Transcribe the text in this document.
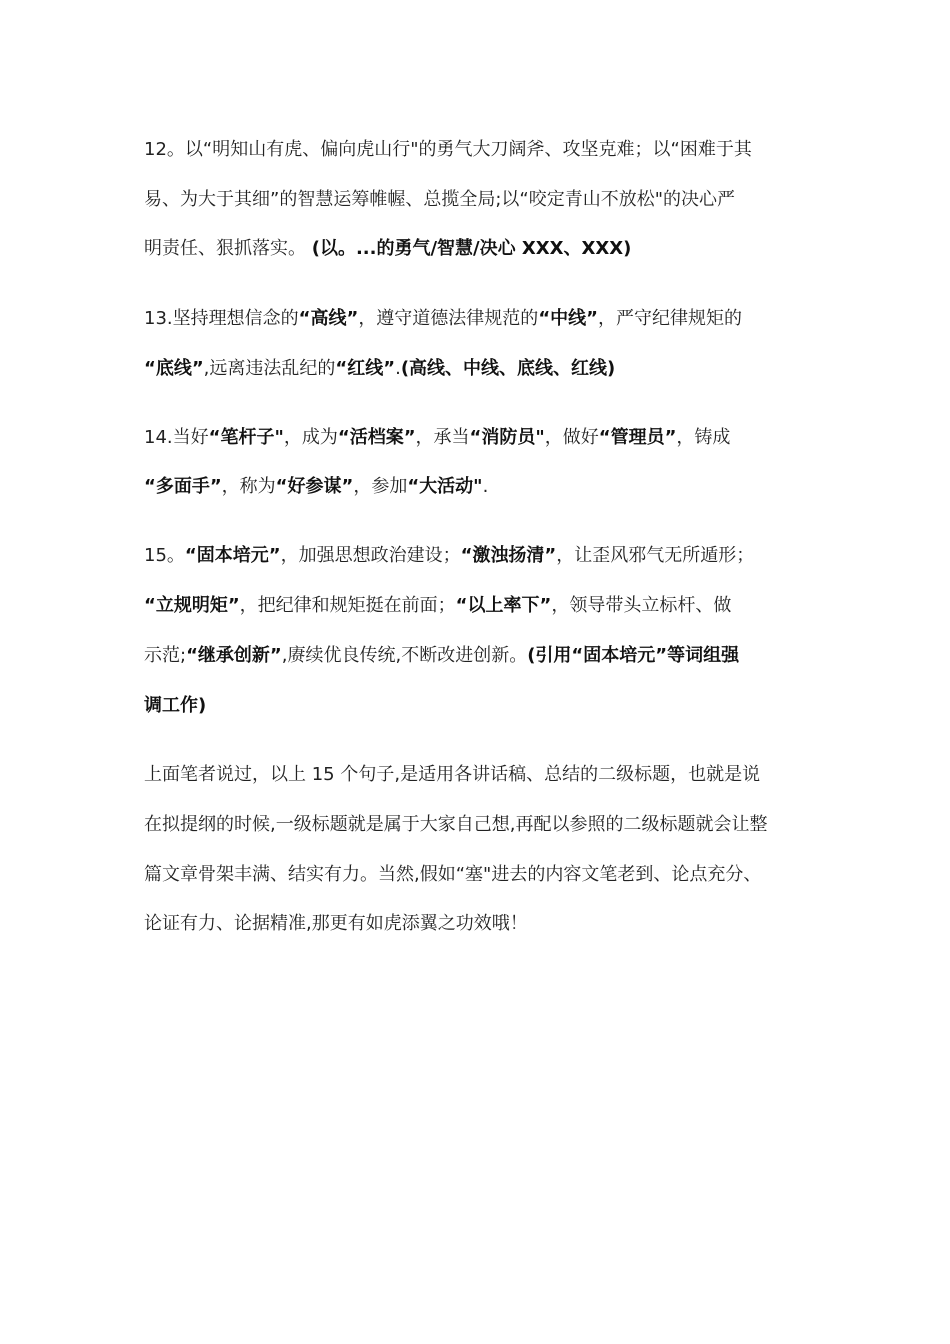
12。以“明知山有虎、偏向虎山行"的勇气大刀阔斧、攻坚克难；以“困难于其
易、为大于其细”的智慧运筹帷幄、总揽全局;以“咬定青山不放松"的决心严
明责任、狠抓落实。 (以。...的勇气/智慧/决心 XXX、XXX)
13.坚持理想信念的“高线”，遵守道德法律规范的“中线”，严守纪律规矩的
“底线”,远离违法乱纪的“红线”.(高线、中线、底线、红线)
14.当好“笔杆子"，成为“活档案”，承当“消防员"，做好“管理员”，铸成
“多面手”，称为“好参谋”，参加“大活动".
15。“固本培元”，加强思想政治建设；“激浊扬清”，让歪风邪气无所遁形；
“立规明矩”，把纪律和规矩挺在前面；“以上率下”，领导带头立标杆、做
示范;“继承创新”,赓续优良传统,不断改进创新。(引用“固本培元”等词组强
调工作)
上面笔者说过，以上 15 个句子,是适用各讲话稿、总结的二级标题，也就是说
在拟提纲的时候,一级标题就是属于大家自己想,再配以参照的二级标题就会让整
篇文章骨架丰满、结实有力。当然,假如“塞"进去的内容文笔老到、论点充分、
论证有力、论据精准,那更有如虎添翼之功效哦！
